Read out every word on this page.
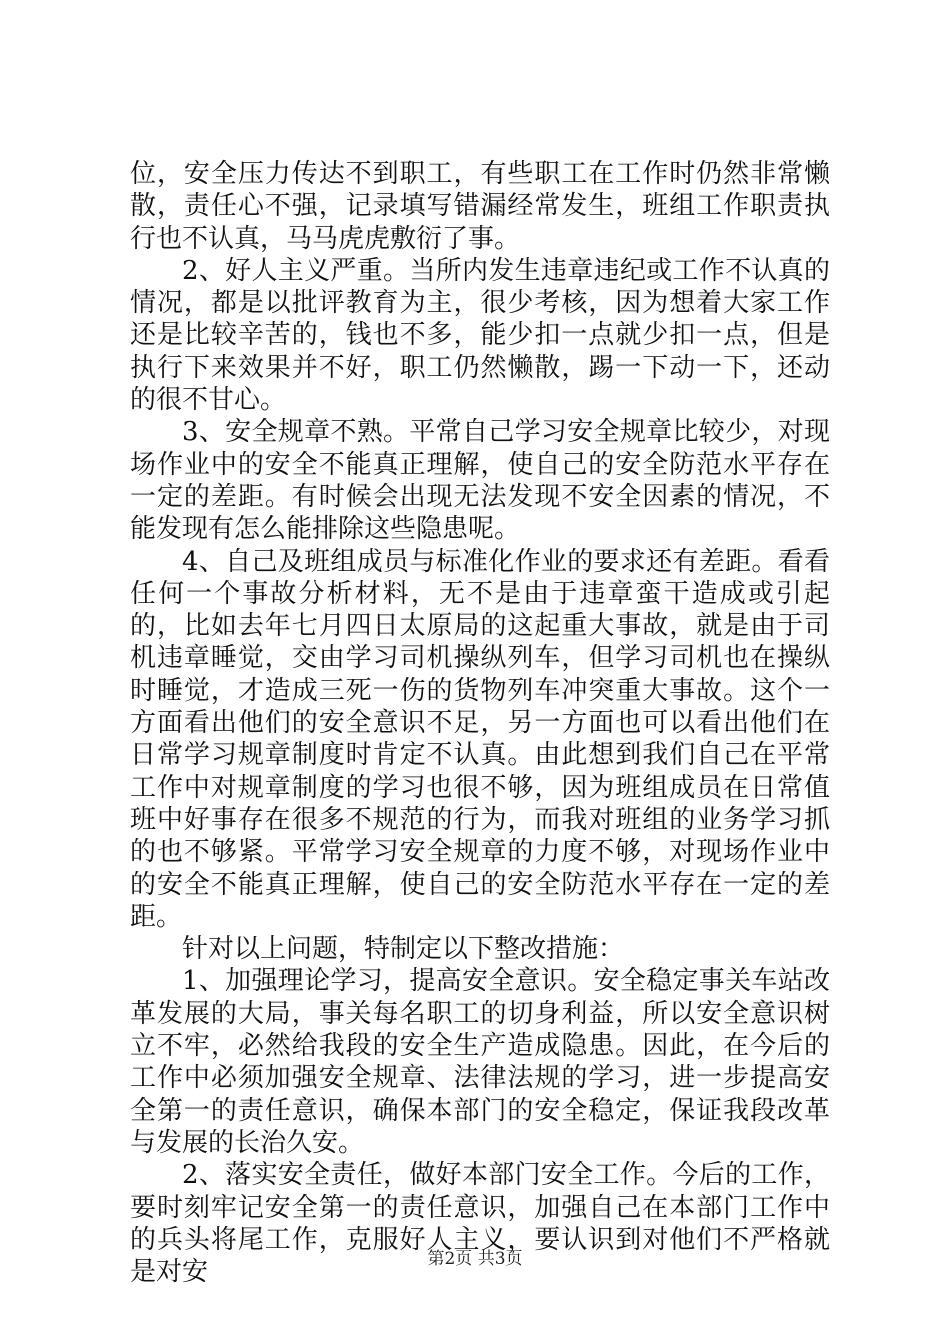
位，安全压力传达不到职工，有些职工在工作时仍然非常懒散，责任心不强，记录填写错漏经常发生，班组工作职责执行也不认真，马马虎虎敷衍了事。

2、好人主义严重。当所内发生违章违纪或工作不认真的情况，都是以批评教育为主，很少考核，因为想着大家工作还是比较辛苦的，钱也不多，能少扣一点就少扣一点，但是执行下来效果并不好，职工仍然懒散，踢一下动一下，还动的很不甘心。

3、安全规章不熟。平常自己学习安全规章比较少，对现场作业中的安全不能真正理解，使自己的安全防范水平存在一定的差距。有时候会出现无法发现不安全因素的情况，不能发现有怎么能排除这些隐患呢。

4、自己及班组成员与标准化作业的要求还有差距。看看任何一个事故分析材料，无不是由于违章蛮干造成或引起的，比如去年七月四日太原局的这起重大事故，就是由于司机违章睡觉，交由学习司机操纵列车，但学习司机也在操纵时睡觉，才造成三死一伤的货物列车冲突重大事故。这个一方面看出他们的安全意识不足，另一方面也可以看出他们在日常学习规章制度时肯定不认真。由此想到我们自己在平常工作中对规章制度的学习也很不够，因为班组成员在日常值班中好事存在很多不规范的行为，而我对班组的业务学习抓的也不够紧。平常学习安全规章的力度不够，对现场作业中的安全不能真正理解，使自己的安全防范水平存在一定的差距。

针对以上问题，特制定以下整改措施：

1、加强理论学习，提高安全意识。安全稳定事关车站改革发展的大局，事关每名职工的切身利益，所以安全意识树立不牢，必然给我段的安全生产造成隐患。因此，在今后的工作中必须加强安全规章、法律法规的学习，进一步提高安全第一的责任意识，确保本部门的安全稳定，保证我段改革与发展的长治久安。

2、落实安全责任，做好本部门安全工作。今后的工作，要时刻牢记安全第一的责任意识，加强自己在本部门工作中的兵头将尾工作，克服好人主义，要认识到对他们不严格就是对安	第2页 共3页
